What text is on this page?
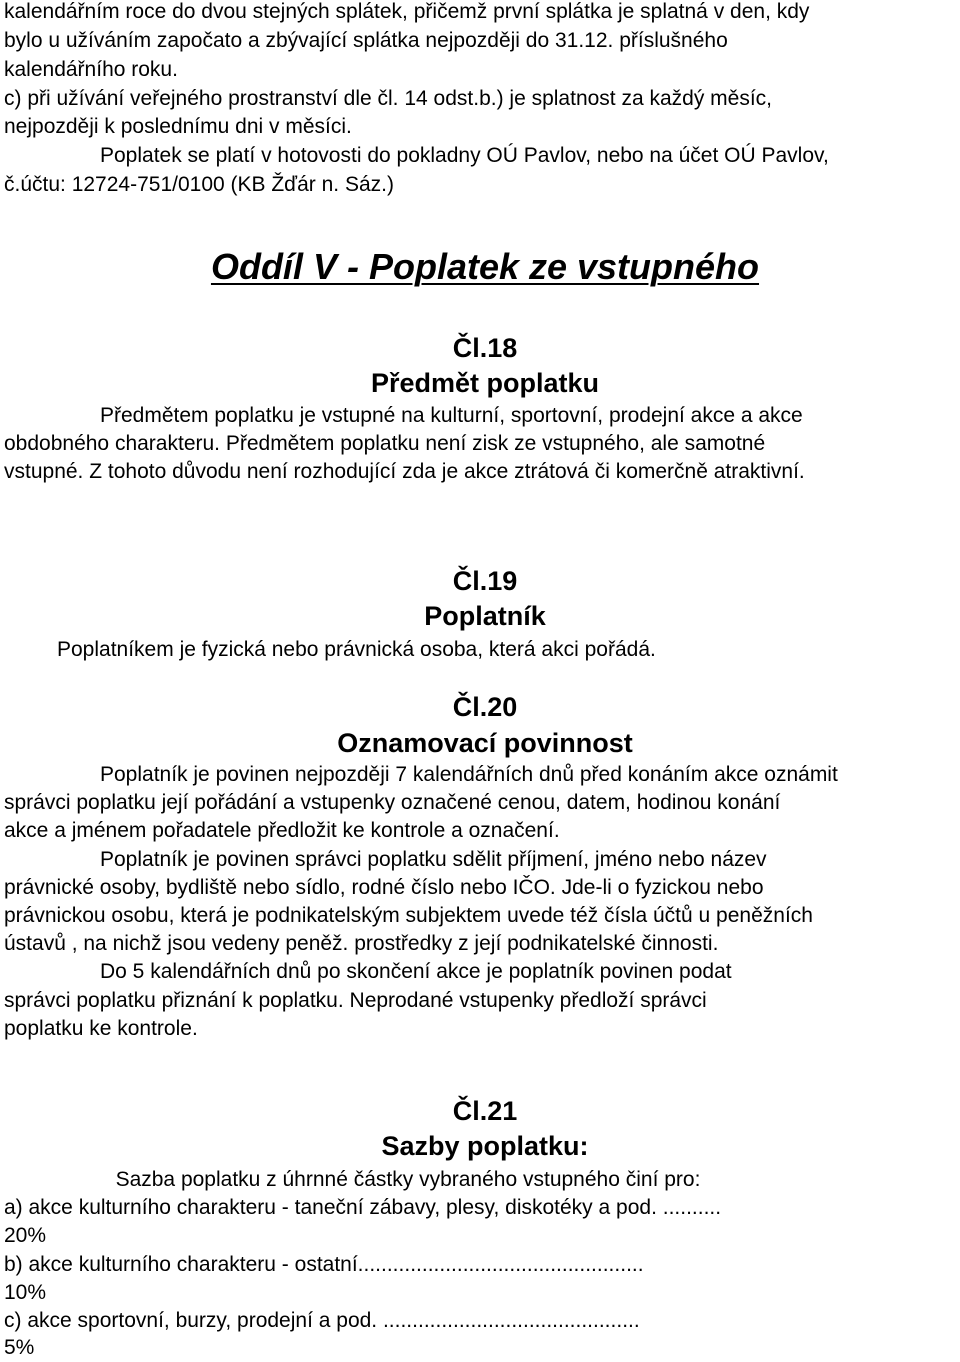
kalendářním roce do dvou stejných splátek, přičemž první splátka je splatná v den, kdy
bylo u užíváním započato a zbývající splátka nejpozději do 31.12. příslušného
kalendářního roku.
c) při užívání veřejného prostranství dle čl. 14 odst.b.) je splatnost za každý měsíc,
nejpozději k poslednímu dni v měsíci.
Poplatek se platí v hotovosti do pokladny OÚ Pavlov, nebo na účet OÚ Pavlov,
č.účtu: 12724-751/0100 (KB Žďár n. Sáz.)
Oddíl V - Poplatek ze vstupného
Čl.18
Předmět poplatku
Předmětem poplatku je vstupné na kulturní, sportovní, prodejní akce a akce
obdobného charakteru. Předmětem poplatku není zisk ze vstupného, ale samotné
vstupné. Z tohoto důvodu není rozhodující zda je akce ztrátová či komerčně atraktivní.
Čl.19
Poplatník
Poplatníkem je fyzická nebo právnická osoba, která akci pořádá.
Čl.20
Oznamovací povinnost
Poplatník je povinen nejpozději 7 kalendářních dnů před konáním akce oznámit
správci poplatku její pořádání a vstupenky označené cenou, datem, hodinou konání
akce a jménem pořadatele předložit ke kontrole a označení.
Poplatník je povinen správci poplatku sdělit příjmení, jméno nebo název
právnické osoby, bydliště nebo sídlo, rodné číslo nebo IČO. Jde-li o fyzickou nebo
právnickou osobu, která je podnikatelským subjektem uvede též čísla účtů u peněžních
ústavů , na nichž jsou vedeny peněž. prostředky z její podnikatelské činnosti.
Do 5 kalendářních dnů po skončení akce je poplatník povinen podat
správci poplatku přiznání k poplatku. Neprodané vstupenky předloží správci
poplatku ke kontrole.
Čl.21
Sazby poplatku:
Sazba poplatku z úhrnné částky vybraného vstupného činí pro:
a) akce kulturního charakteru - taneční zábavy, plesy, diskotéky a pod. ..........
20%
b) akce kulturního charakteru - ostatní.................................................
10%
c) akce sportovní, burzy, prodejní a pod. ............................................
5%
